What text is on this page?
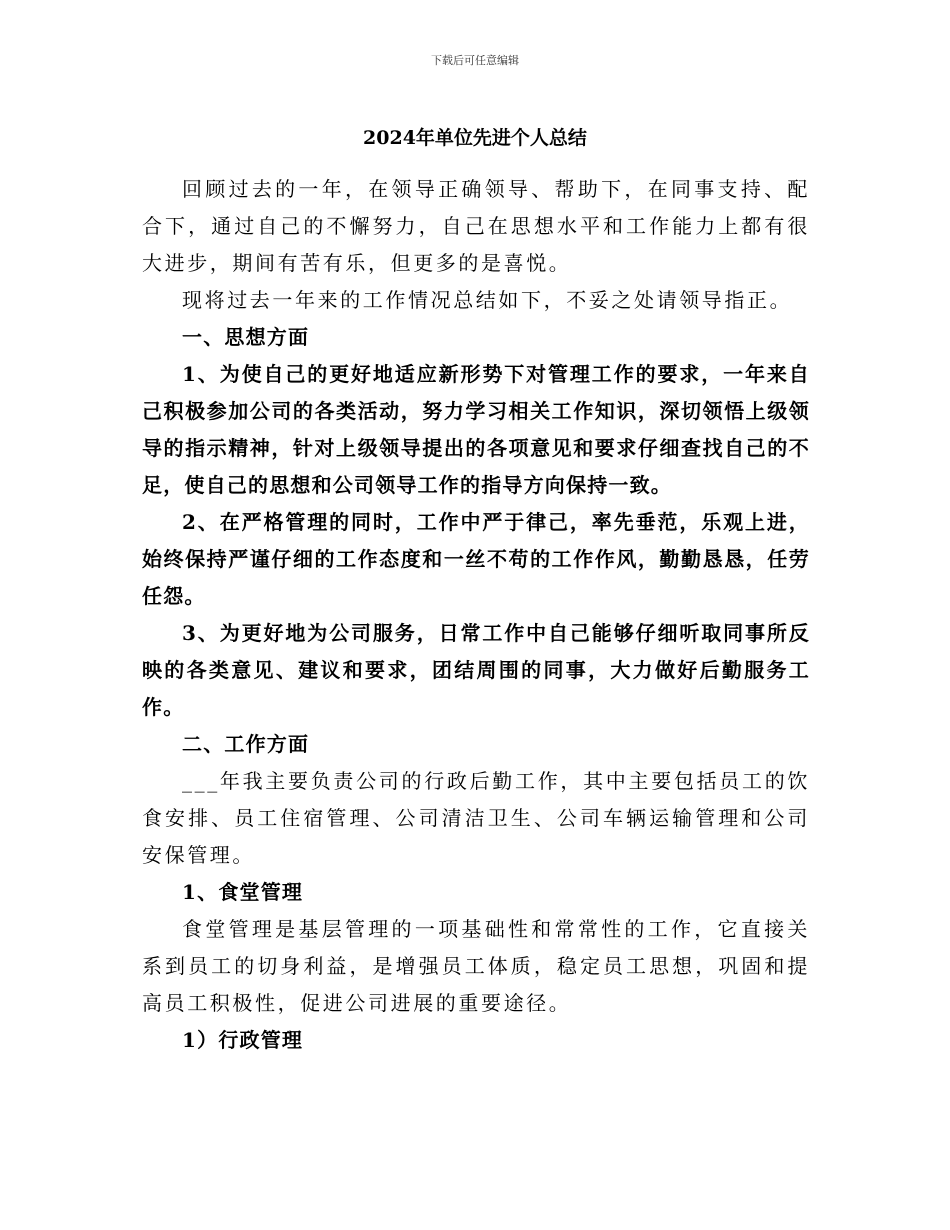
下载后可任意编辑
2024年单位先进个人总结

回顾过去的一年，在领导正确领导、帮助下，在同事支持、配合下，通过自己的不懈努力，自己在思想水平和工作能力上都有很大进步，期间有苦有乐，但更多的是喜悦。

现将过去一年来的工作情况总结如下，不妥之处请领导指正。

一、思想方面

1、为使自己的更好地适应新形势下对管理工作的要求，一年来自己积极参加公司的各类活动，努力学习相关工作知识，深切领悟上级领导的指示精神，针对上级领导提出的各项意见和要求仔细查找自己的不足，使自己的思想和公司领导工作的指导方向保持一致。

2、在严格管理的同时，工作中严于律己，率先垂范，乐观上进，始终保持严谨仔细的工作态度和一丝不苟的工作作风，勤勤恳恳，任劳任怨。

3、为更好地为公司服务，日常工作中自己能够仔细听取同事所反映的各类意见、建议和要求，团结周围的同事，大力做好后勤服务工作。

二、工作方面

___年我主要负责公司的行政后勤工作，其中主要包括员工的饮食安排、员工住宿管理、公司清洁卫生、公司车辆运输管理和公司安保管理。

1、食堂管理

食堂管理是基层管理的一项基础性和常常性的工作，它直接关系到员工的切身利益，是增强员工体质，稳定员工思想，巩固和提高员工积极性，促进公司进展的重要途径。

1）行政管理
